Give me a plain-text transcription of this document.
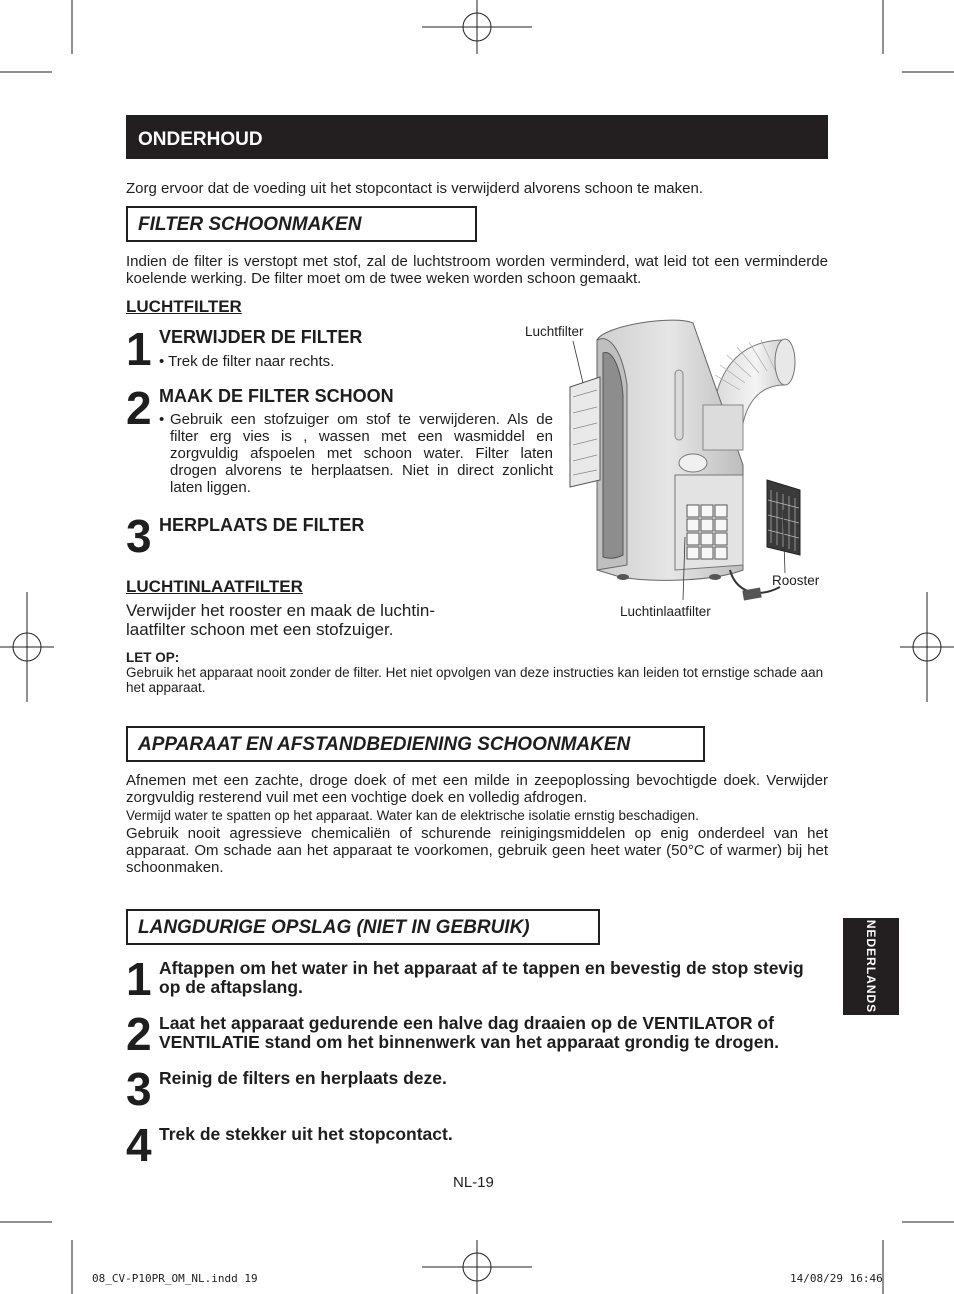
ONDERHOUD

Zorg ervoor dat de voeding uit het stopcontact is verwijderd alvorens schoon te maken.

FILTER SCHOONMAKEN

Indien de filter is verstopt met stof, zal de luchtstroom worden verminderd, wat leid tot een verminderde koelende werking. De filter moet om de twee weken worden schoon gemaakt.

LUCHTFILTER
1 VERWIJDER DE FILTER

• Trek de filter naar rechts.

2 MAAK DE FILTER SCHOON
• Gebruik een stofzuiger om stof te verwijderen. Als de filter erg vies is , wassen met een wasmiddel en zorgvuldig afspoelen met schoon water. Filter laten drogen alvorens te herplaatsen. Niet in direct zonlicht laten liggen.

3 HERPLAATS DE FILTER
LUCHTINLAATFILTER

Verwijder het rooster en maak de luchtin- laatfilter schoon met een stofzuiger.

LET OP:

Gebruik het apparaat nooit zonder de filter. Het niet opvolgen van deze instructies kan leiden tot ernstige schade aan het apparaat.

Luchtfilter
Rooster
Luchtinlaatfilter
APPARAAT EN AFSTANDBEDIENING SCHOONMAKEN

Afnemen met een zachte, droge doek of met een milde in zeepoplossing bevochtigde doek. Verwijder zorgvuldig resterend vuil met een vochtige doek en volledig afdrogen.

Vermijd water te spatten op het apparaat. Water kan de elektrische isolatie ernstig beschadigen.

Gebruik nooit agressieve chemicaliën of schurende reinigingsmiddelen op enig onderdeel van het apparaat. Om schade aan het apparaat te voorkomen, gebruik geen heet water (50°C of warmer) bij het schoonmaken.

LANGDURIGE OPSLAG (NIET IN GEBRUIK)
1 Aftappen om het water in het apparaat af te tappen en bevestig de stop stevig op de aftapslang.

2 Laat het apparaat gedurende een halve dag draaien op de VENTILATOR of VENTILATIE stand om het binnenwerk van het apparaat grondig te drogen.

3 Reinig de filters en herplaats deze.

4 Trek de stekker uit het stopcontact.

NEDERLANDS
NL-19
08_CV-P10PR_OM_NL.indd 19	14/08/29 16:46
